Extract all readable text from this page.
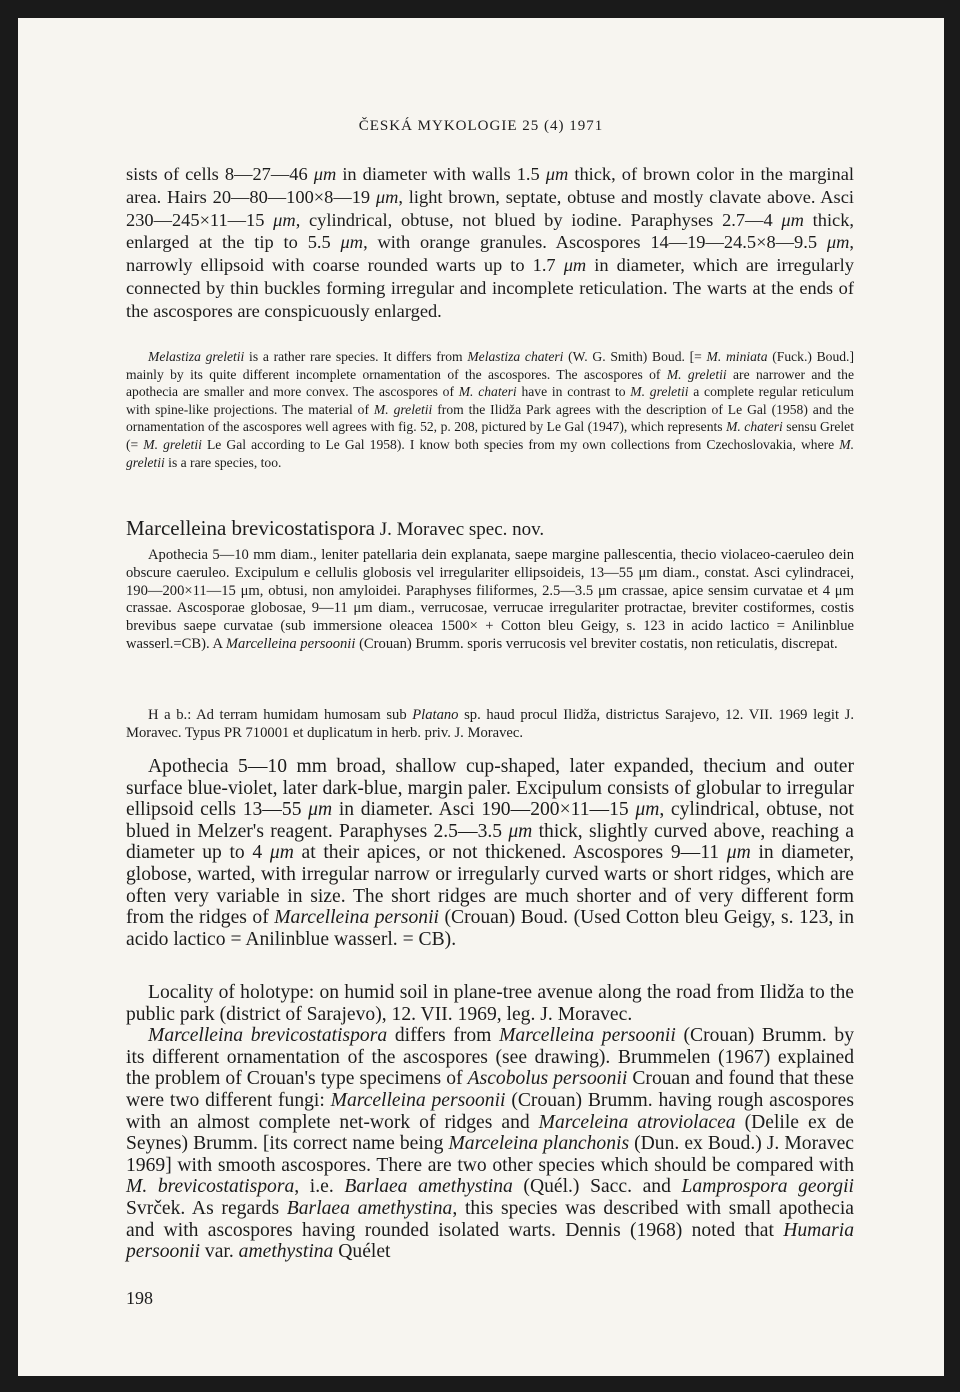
ČESKÁ MYKOLOGIE 25 (4) 1971

sists of cells 8—27—46 μm in diameter with walls 1.5 μm thick, of brown color in the marginal area. Hairs 20—80—100×8—19 μm, light brown, septate, obtuse and mostly clavate above. Asci 230—245×11—15 μm, cylindrical, obtuse, not blued by iodine. Paraphyses 2.7—4 μm thick, enlarged at the tip to 5.5 μm, with orange granules. Ascospores 14—19—24.5×8—9.5 μm, narrowly ellipsoid with coarse rounded warts up to 1.7 μm in diameter, which are irregularly connected by thin buckles forming irregular and incomplete reticulation. The warts at the ends of the ascospores are conspicuously enlarged.

Melastiza greletii is a rather rare species. It differs from Melastiza chateri (W. G. Smith) Boud. [= M. miniata (Fuck.) Boud.] mainly by its quite different incomplete ornamentation of the ascospores. The ascospores of M. greletii are narrower and the apothecia are smaller and more convex. The ascospores of M. chateri have in contrast to M. greletii a complete regular reticulum with spine-like projections. The material of M. greletii from the Ilidža Park agrees with the description of Le Gal (1958) and the ornamentation of the ascospores well agrees with fig. 52, p. 208, pictured by Le Gal (1947), which represents M. chateri sensu Grelet (= M. greletii Le Gal according to Le Gal 1958). I know both species from my own collections from Czechoslovakia, where M. greletii is a rare species, too.

Marcelleina brevicostatispora J. Moravec spec. nov.

Apothecia 5—10 mm diam., leniter patellaria dein explanata, saepe margine pallescentia, thecio violaceo-caeruleo dein obscure caeruleo. Excipulum e cellulis globosis vel irregulariter ellipsoideis, 13—55 μm diam., constat. Asci cylindracei, 190—200×11—15 μm, obtusi, non amyloidei. Paraphyses filiformes, 2.5—3.5 μm crassae, apice sensim curvatae et 4 μm crassae. Ascosporae globosae, 9—11 μm diam., verrucosae, verrucae irregulariter protractae, breviter costiformes, costis brevibus saepe curvatae (sub immersione oleacea 1500× + Cotton bleu Geigy, s. 123 in acido lactico = Anilinblue wasserl.=CB). A Marcelleina persoonii (Crouan) Brumm. sporis verrucosis vel breviter costatis, non reticulatis, discrepat.

H a b.: Ad terram humidam humosam sub Platano sp. haud procul Ilidža, districtus Sarajevo, 12. VII. 1969 legit J. Moravec. Typus PR 710001 et duplicatum in herb. priv. J. Moravec.

Apothecia 5—10 mm broad, shallow cup-shaped, later expanded, thecium and outer surface blue-violet, later dark-blue, margin paler. Excipulum consists of globular to irregular ellipsoid cells 13—55 μm in diameter. Asci 190—200×11—15 μm, cylindrical, obtuse, not blued in Melzer's reagent. Paraphyses 2.5—3.5 μm thick, slightly curved above, reaching a diameter up to 4 μm at their apices, or not thickened. Ascospores 9—11 μm in diameter, globose, warted, with irregular narrow or irregularly curved warts or short ridges, which are often very variable in size. The short ridges are much shorter and of very different form from the ridges of Marcelleina personii (Crouan) Boud. (Used Cotton bleu Geigy, s. 123, in acido lactico = Anilinblue wasserl. = CB).

Locality of holotype: on humid soil in plane-tree avenue along the road from Ilidža to the public park (district of Sarajevo), 12. VII. 1969, leg. J. Moravec.

Marcelleina brevicostatispora differs from Marcelleina persoonii (Crouan) Brumm. by its different ornamentation of the ascospores (see drawing). Brummelen (1967) explained the problem of Crouan's type specimens of Ascobolus persoonii Crouan and found that these were two different fungi: Marcelleina persoonii (Crouan) Brumm. having rough ascospores with an almost complete net-work of ridges and Marceleina atroviolacea (Delile ex de Seynes) Brumm. [its correct name being Marceleina planchonis (Dun. ex Boud.) J. Moravec 1969] with smooth ascospores. There are two other species which should be compared with M. brevicostatispora, i.e. Barlaea amethystina (Quél.) Sacc. and Lamprospora georgii Svrček. As regards Barlaea amethystina, this species was described with small apothecia and with ascospores having rounded isolated warts. Dennis (1968) noted that Humaria persoonii var. amethystina Quélet

198
